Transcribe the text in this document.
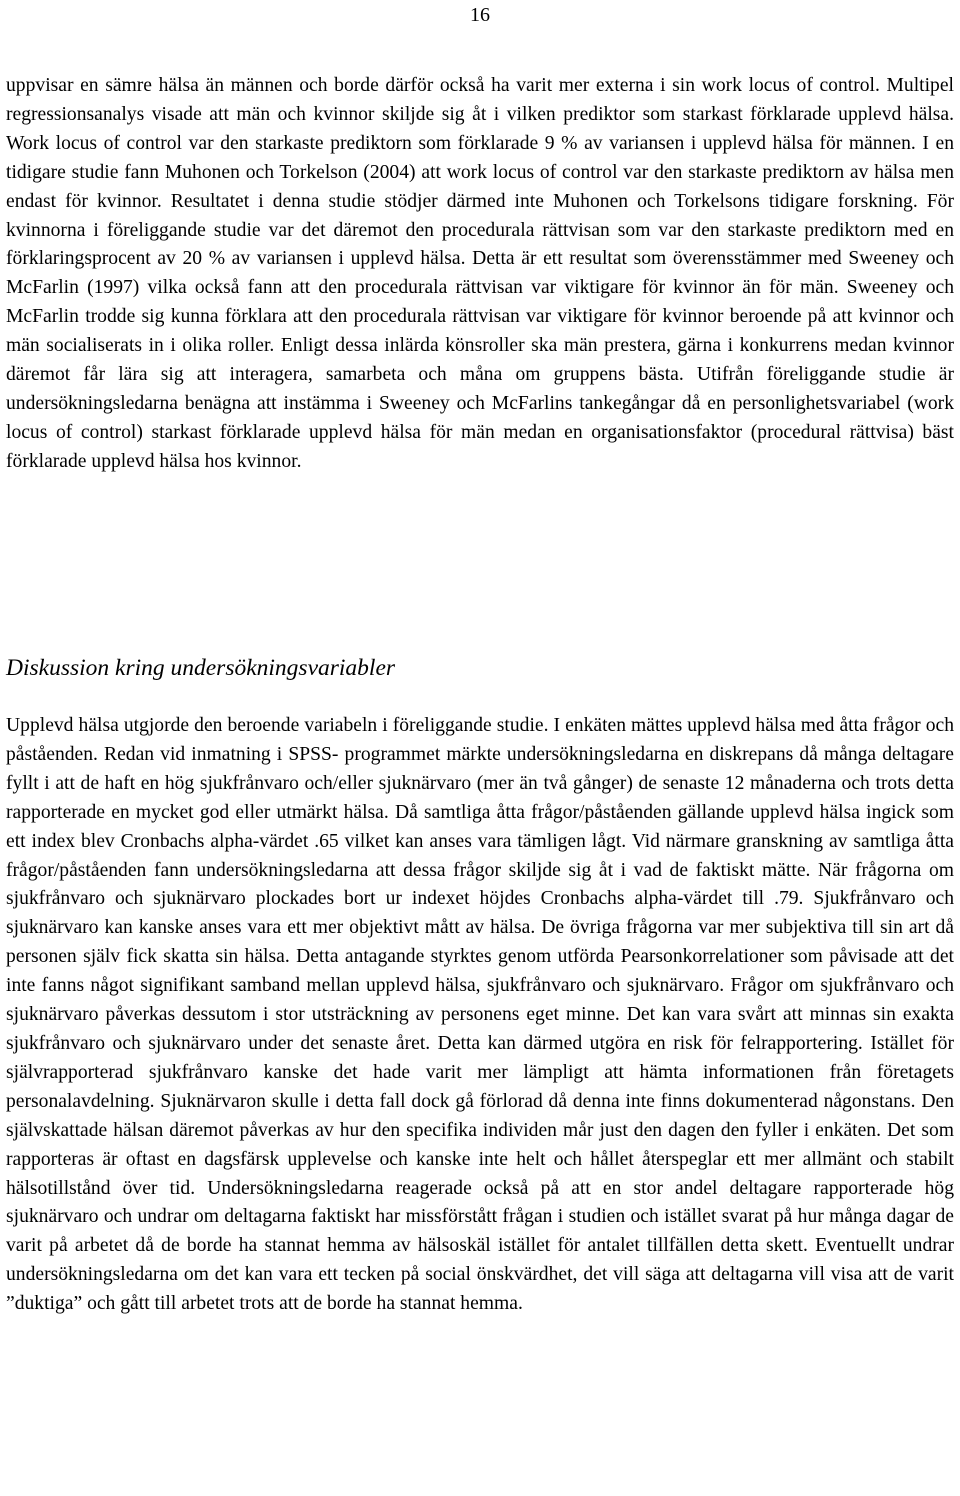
16

uppvisar en sämre hälsa än männen och borde därför också ha varit mer externa i sin work locus of control. Multipel regressionsanalys visade att män och kvinnor skiljde sig åt i vilken prediktor som starkast förklarade upplevd hälsa. Work locus of control var den starkaste prediktorn som förklarade 9 % av variansen i upplevd hälsa för männen. I en tidigare studie fann Muhonen och Torkelson (2004) att work locus of control var den starkaste prediktorn av hälsa men endast för kvinnor. Resultatet i denna studie stödjer därmed inte Muhonen och Torkelsons tidigare forskning. För kvinnorna i föreliggande studie var det däremot den procedurala rättvisan som var den starkaste prediktorn med en förklaringsprocent av 20 % av variansen i upplevd hälsa. Detta är ett resultat som överensstämmer med Sweeney och McFarlin (1997) vilka också fann att den procedurala rättvisan var viktigare för kvinnor än för män. Sweeney och McFarlin trodde sig kunna förklara att den procedurala rättvisan var viktigare för kvinnor beroende på att kvinnor och män socialiserats in i olika roller. Enligt dessa inlärda könsroller ska män prestera, gärna i konkurrens medan kvinnor däremot får lära sig att interagera, samarbeta och måna om gruppens bästa. Utifrån föreliggande studie är undersökningsledarna benägna att instämma i Sweeney och McFarlins tankegångar då en personlighetsvariabel (work locus of control) starkast förklarade upplevd hälsa för män medan en organisationsfaktor (procedural rättvisa) bäst förklarade upplevd hälsa hos kvinnor.

Diskussion kring undersökningsvariabler

Upplevd hälsa utgjorde den beroende variabeln i föreliggande studie. I enkäten mättes upplevd hälsa med åtta frågor och påståenden. Redan vid inmatning i SPSS- programmet märkte undersökningsledarna en diskrepans då många deltagare fyllt i att de haft en hög sjukfrånvaro och/eller sjuknärvaro (mer än två gånger) de senaste 12 månaderna och trots detta rapporterade en mycket god eller utmärkt hälsa. Då samtliga åtta frågor/påståenden gällande upplevd hälsa ingick som ett index blev Cronbachs alpha-värdet .65 vilket kan anses vara tämligen lågt. Vid närmare granskning av samtliga åtta frågor/påståenden fann undersökningsledarna att dessa frågor skiljde sig åt i vad de faktiskt mätte. När frågorna om sjukfrånvaro och sjuknärvaro plockades bort ur indexet höjdes Cronbachs alpha-värdet till .79. Sjukfrånvaro och sjuknärvaro kan kanske anses vara ett mer objektivt mått av hälsa. De övriga frågorna var mer subjektiva till sin art då personen själv fick skatta sin hälsa. Detta antagande styrktes genom utförda Pearsonkorrelationer som påvisade att det inte fanns något signifikant samband mellan upplevd hälsa, sjukfrånvaro och sjuknärvaro. Frågor om sjukfrånvaro och sjuknärvaro påverkas dessutom i stor utsträckning av personens eget minne. Det kan vara svårt att minnas sin exakta sjukfrånvaro och sjuknärvaro under det senaste året. Detta kan därmed utgöra en risk för felrapportering. Istället för självrapporterad sjukfrånvaro kanske det hade varit mer lämpligt att hämta informationen från företagets personalavdelning. Sjuknärvaron skulle i detta fall dock gå förlorad då denna inte finns dokumenterad någonstans. Den självskattade hälsan däremot påverkas av hur den specifika individen mår just den dagen den fyller i enkäten. Det som rapporteras är oftast en dagsfärsk upplevelse och kanske inte helt och hållet återspeglar ett mer allmänt och stabilt hälsotillstånd över tid. Undersökningsledarna reagerade också på att en stor andel deltagare rapporterade hög sjuknärvaro och undrar om deltagarna faktiskt har missförstått frågan i studien och istället svarat på hur många dagar de varit på arbetet då de borde ha stannat hemma av hälsoskäl istället för antalet tillfällen detta skett. Eventuellt undrar undersökningsledarna om det kan vara ett tecken på social önskvärdhet, det vill säga att deltagarna vill visa att de varit ”duktiga” och gått till arbetet trots att de borde ha stannat hemma.
